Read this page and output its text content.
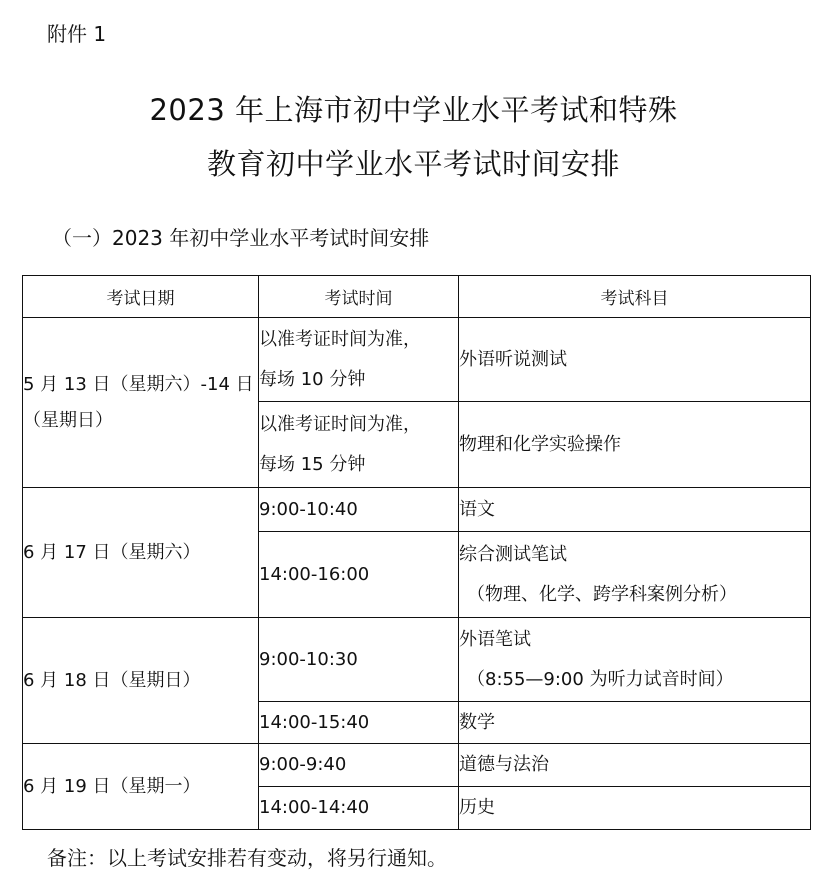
附件 1
2023 年上海市初中学业水平考试和特殊
教育初中学业水平考试时间安排
（一）2023 年初中学业水平考试时间安排
考试日期	考试时间	考试科目
5 月 13 日（星期六）-14 日（星期日）	以准考证时间为准，
每场 10 分钟	外语听说测试

	以准考证时间为准，
每场 15 分钟	物理和化学实验操作
6 月 17 日（星期六）	9:00-10:40	语文
	14:00-16:00	综合测试笔试
（物理、化学、跨学科案例分析）

6 月 18 日（星期日）	9:00-10:30	外语笔试
（8:55—9:00 为听力试音时间）

	14:00-15:40	数学
6 月 19 日（星期一）	9:00-9:40	道德与法治
	14:00-14:40	历史
备注：以上考试安排若有变动，将另行通知。
